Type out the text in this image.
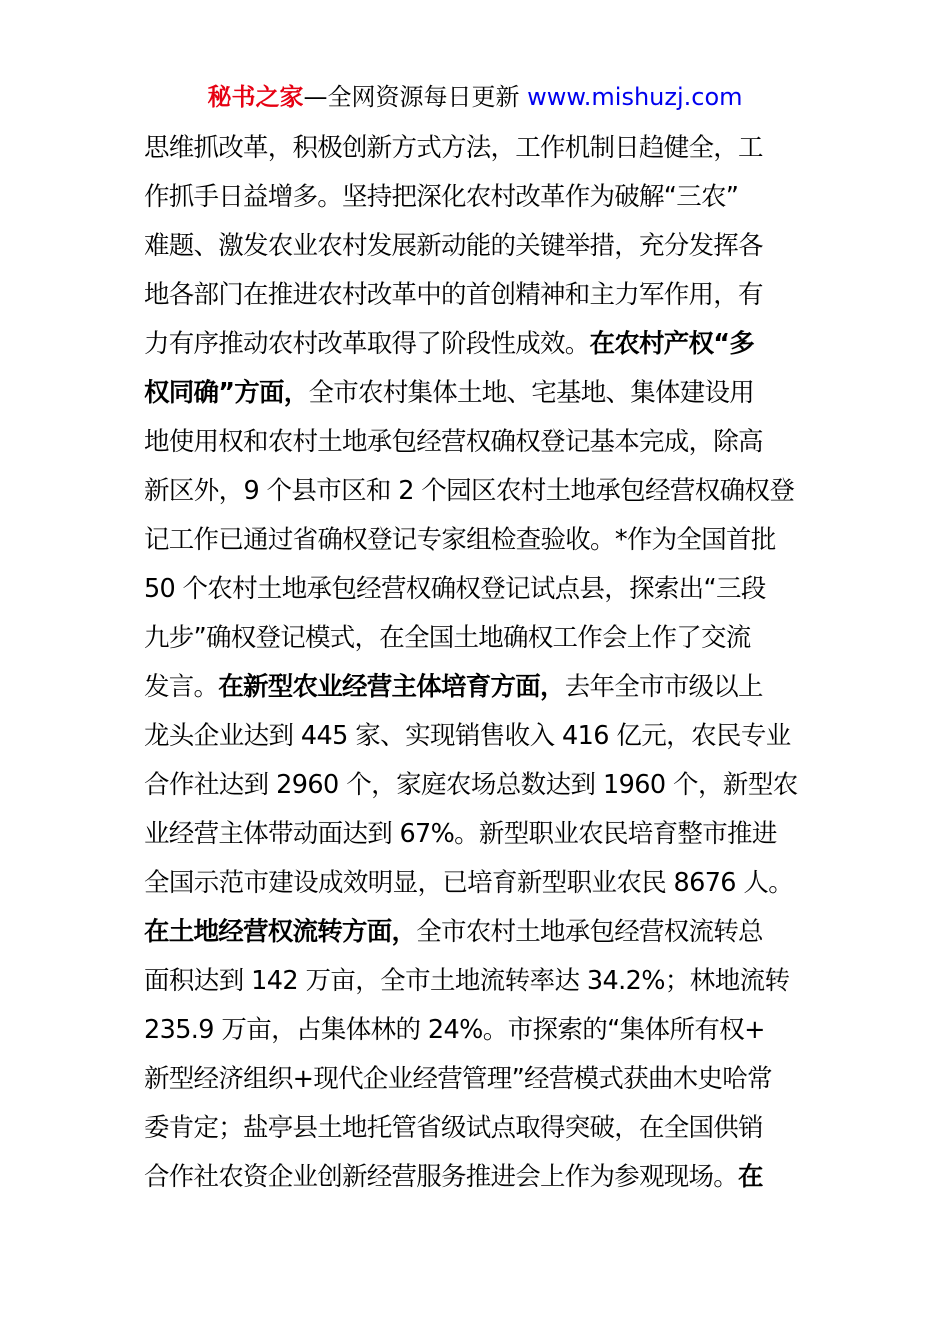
秘书之家—全网资源每日更新 www.mishuzj.com
思维抓改革，积极创新方式方法，工作机制日趋健全，工
作抓手日益增多。坚持把深化农村改革作为破解“三农”
难题、激发农业农村发展新动能的关键举措，充分发挥各
地各部门在推进农村改革中的首创精神和主力军作用，有
力有序推动农村改革取得了阶段性成效。在农村产权“多
权同确”方面，全市农村集体土地、宅基地、集体建设用
地使用权和农村土地承包经营权确权登记基本完成，除高
新区外，9 个县市区和 2 个园区农村土地承包经营权确权登
记工作已通过省确权登记专家组检查验收。*作为全国首批
50 个农村土地承包经营权确权登记试点县，探索出“三段
九步”确权登记模式，在全国土地确权工作会上作了交流
发言。在新型农业经营主体培育方面，去年全市市级以上
龙头企业达到 445 家、实现销售收入 416 亿元，农民专业
合作社达到 2960 个，家庭农场总数达到 1960 个，新型农
业经营主体带动面达到 67%。新型职业农民培育整市推进
全国示范市建设成效明显，已培育新型职业农民 8676 人。
在土地经营权流转方面，全市农村土地承包经营权流转总
面积达到 142 万亩，全市土地流转率达 34.2%；林地流转
235.9 万亩，占集体林的 24%。市探索的“集体所有权+
新型经济组织+现代企业经营管理”经营模式获曲木史哈常
委肯定；盐亭县土地托管省级试点取得突破，在全国供销
合作社农资企业创新经营服务推进会上作为参观现场。在
